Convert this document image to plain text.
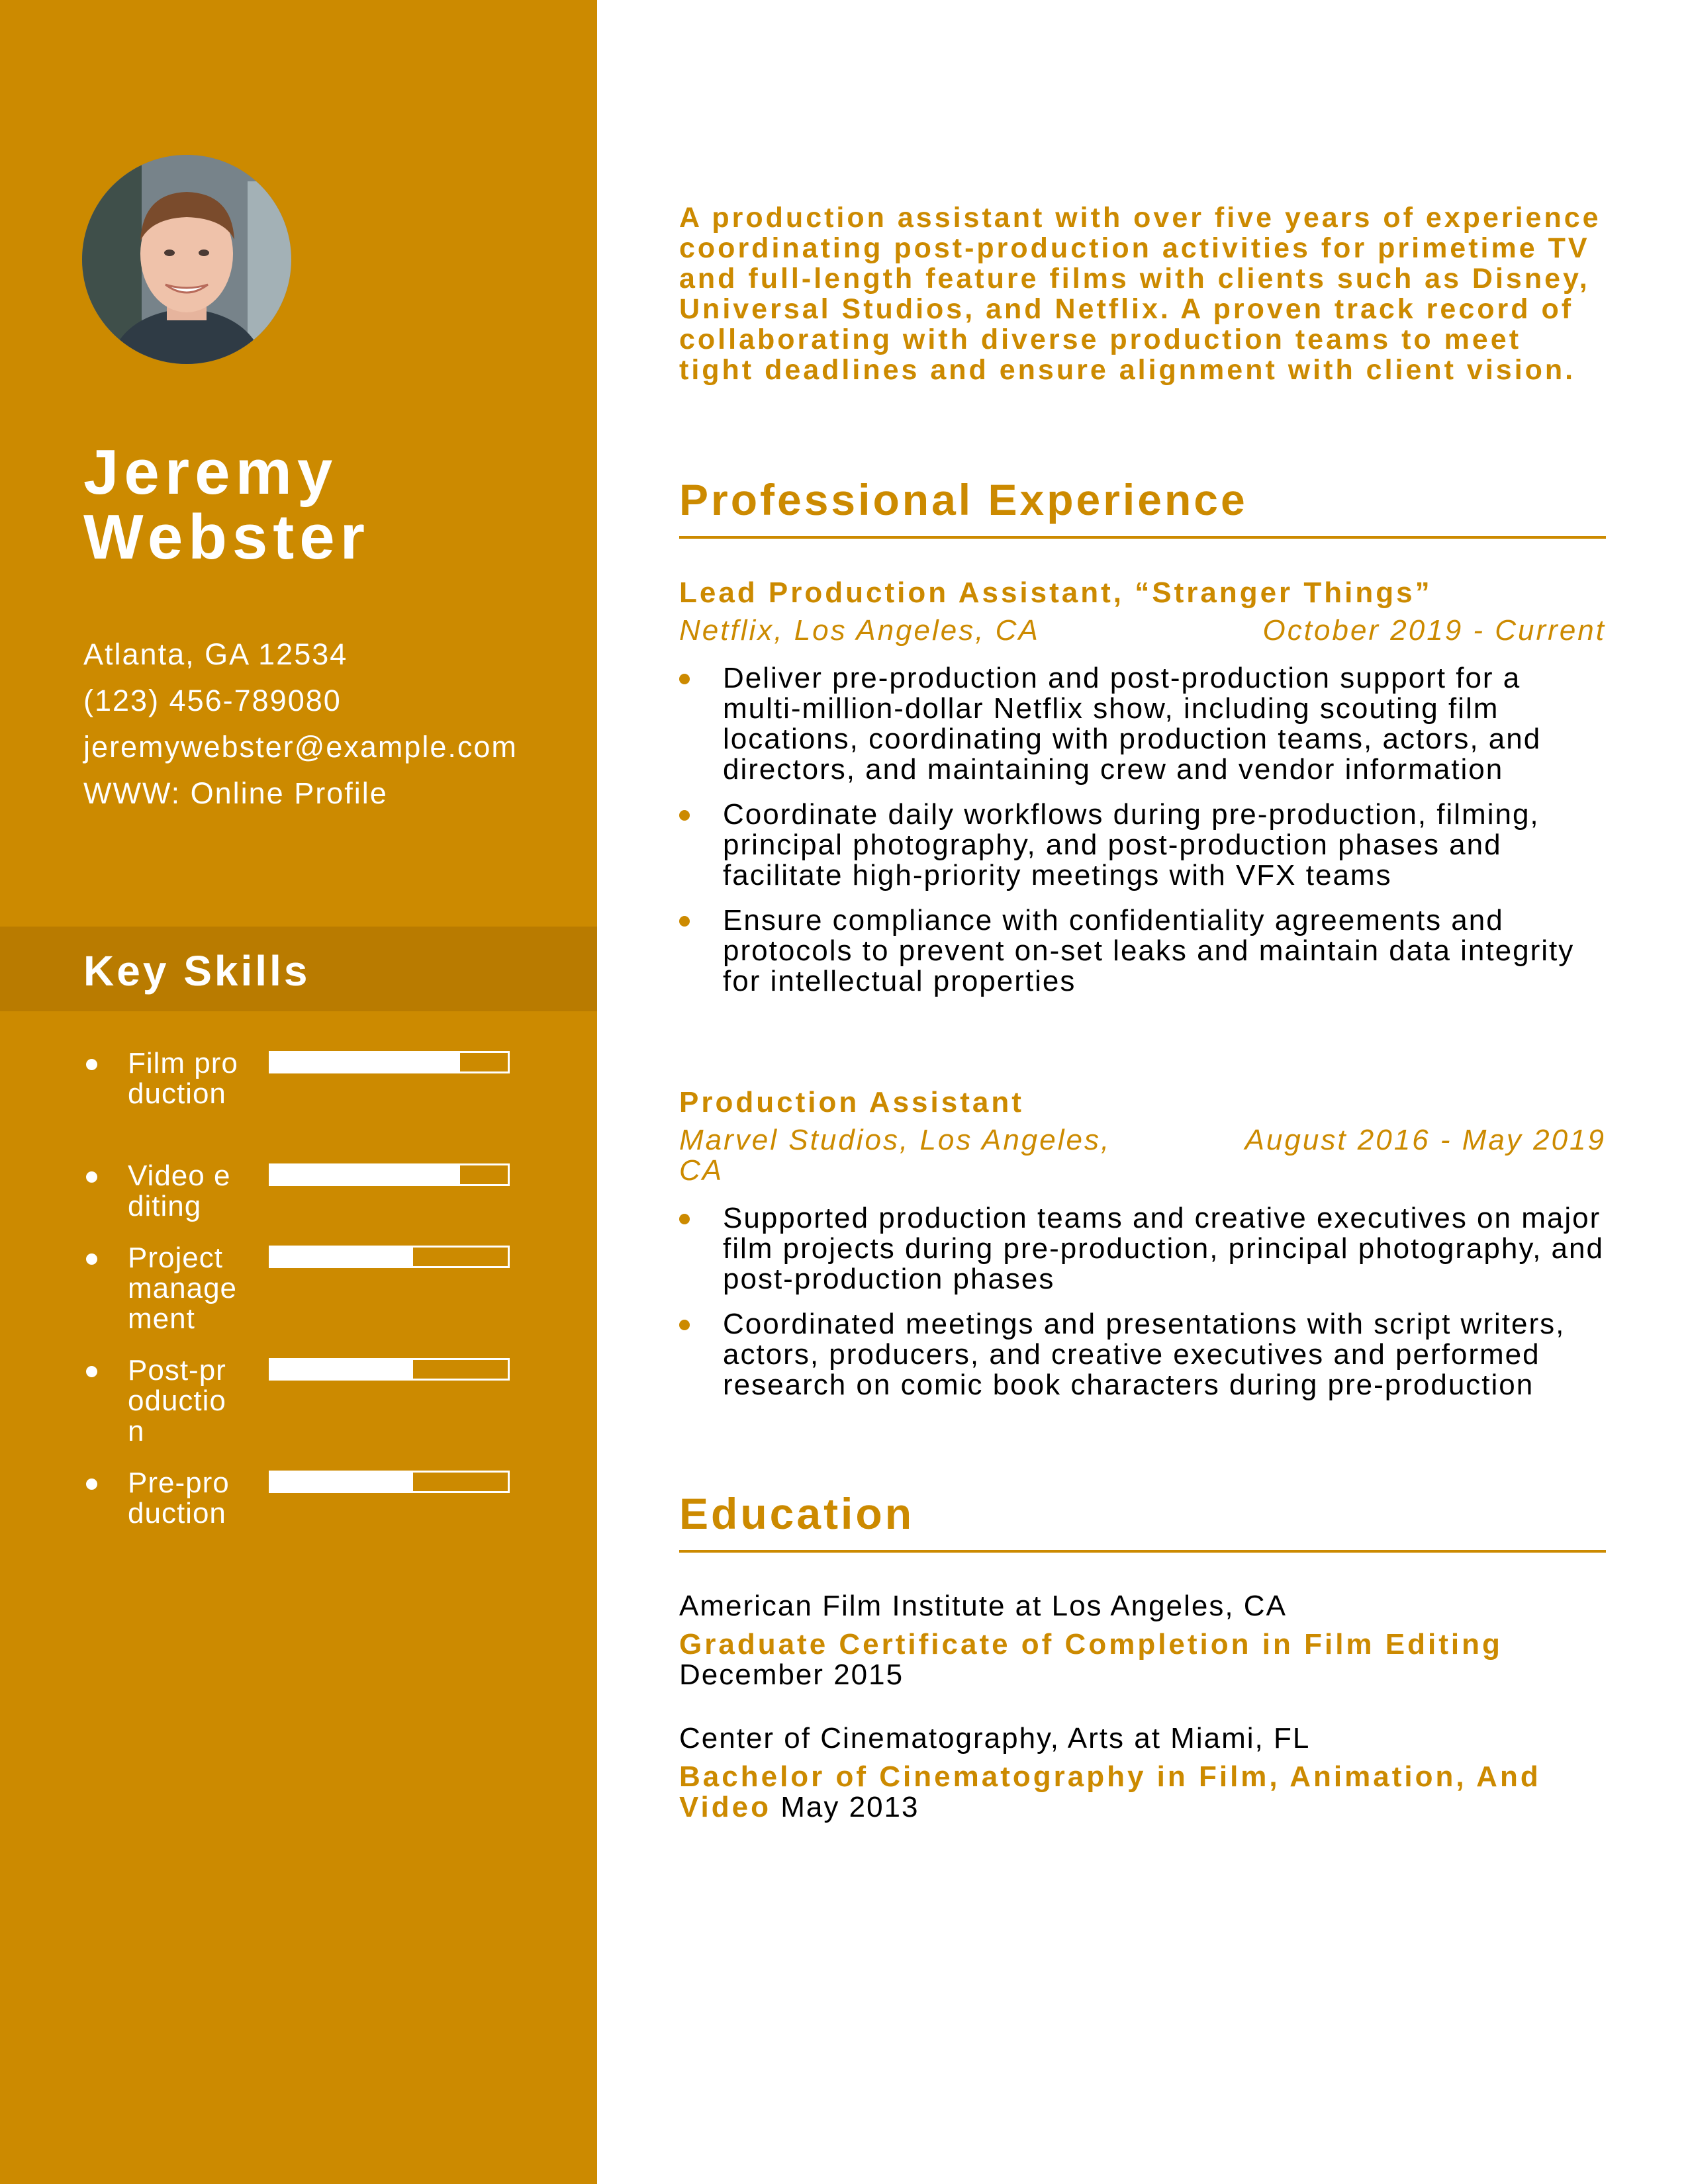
Jeremy
Webster
Atlanta, GA 12534
(123) 456-789080
jeremywebster@example.com
WWW: Online Profile
Key Skills
Film production
Video editing
Project management
Post-production
Pre-production

A production assistant with over five years of experience coordinating post-production activities for primetime TV and full-length feature films with clients such as Disney, Universal Studios, and Netflix. A proven track record of collaborating with diverse production teams to meet tight deadlines and ensure alignment with client vision.

Professional Experience
Lead Production Assistant, “Stranger Things”
Netflix, Los Angeles, CA	October 2019 - Current
Deliver pre-production and post-production support for a multi-million-dollar Netflix show, including scouting film locations, coordinating with production teams, actors, and directors, and maintaining crew and vendor information
Coordinate daily workflows during pre-production, filming, principal photography, and post-production phases and facilitate high-priority meetings with VFX teams
Ensure compliance with confidentiality agreements and protocols to prevent on-set leaks and maintain data integrity for intellectual properties
Production Assistant
Marvel Studios, Los Angeles, CA
August 2016 - May 2019
Supported production teams and creative executives on major film projects during pre-production, principal photography, and post-production phases
Coordinated meetings and presentations with script writers, actors, producers, and creative executives and performed research on comic book characters during pre-production
Education
American Film Institute at Los Angeles, CA
Graduate Certificate of Completion in Film Editing
December 2015
Center of Cinematography, Arts at Miami, FL
Bachelor of Cinematography in Film, Animation, And Video May 2013
